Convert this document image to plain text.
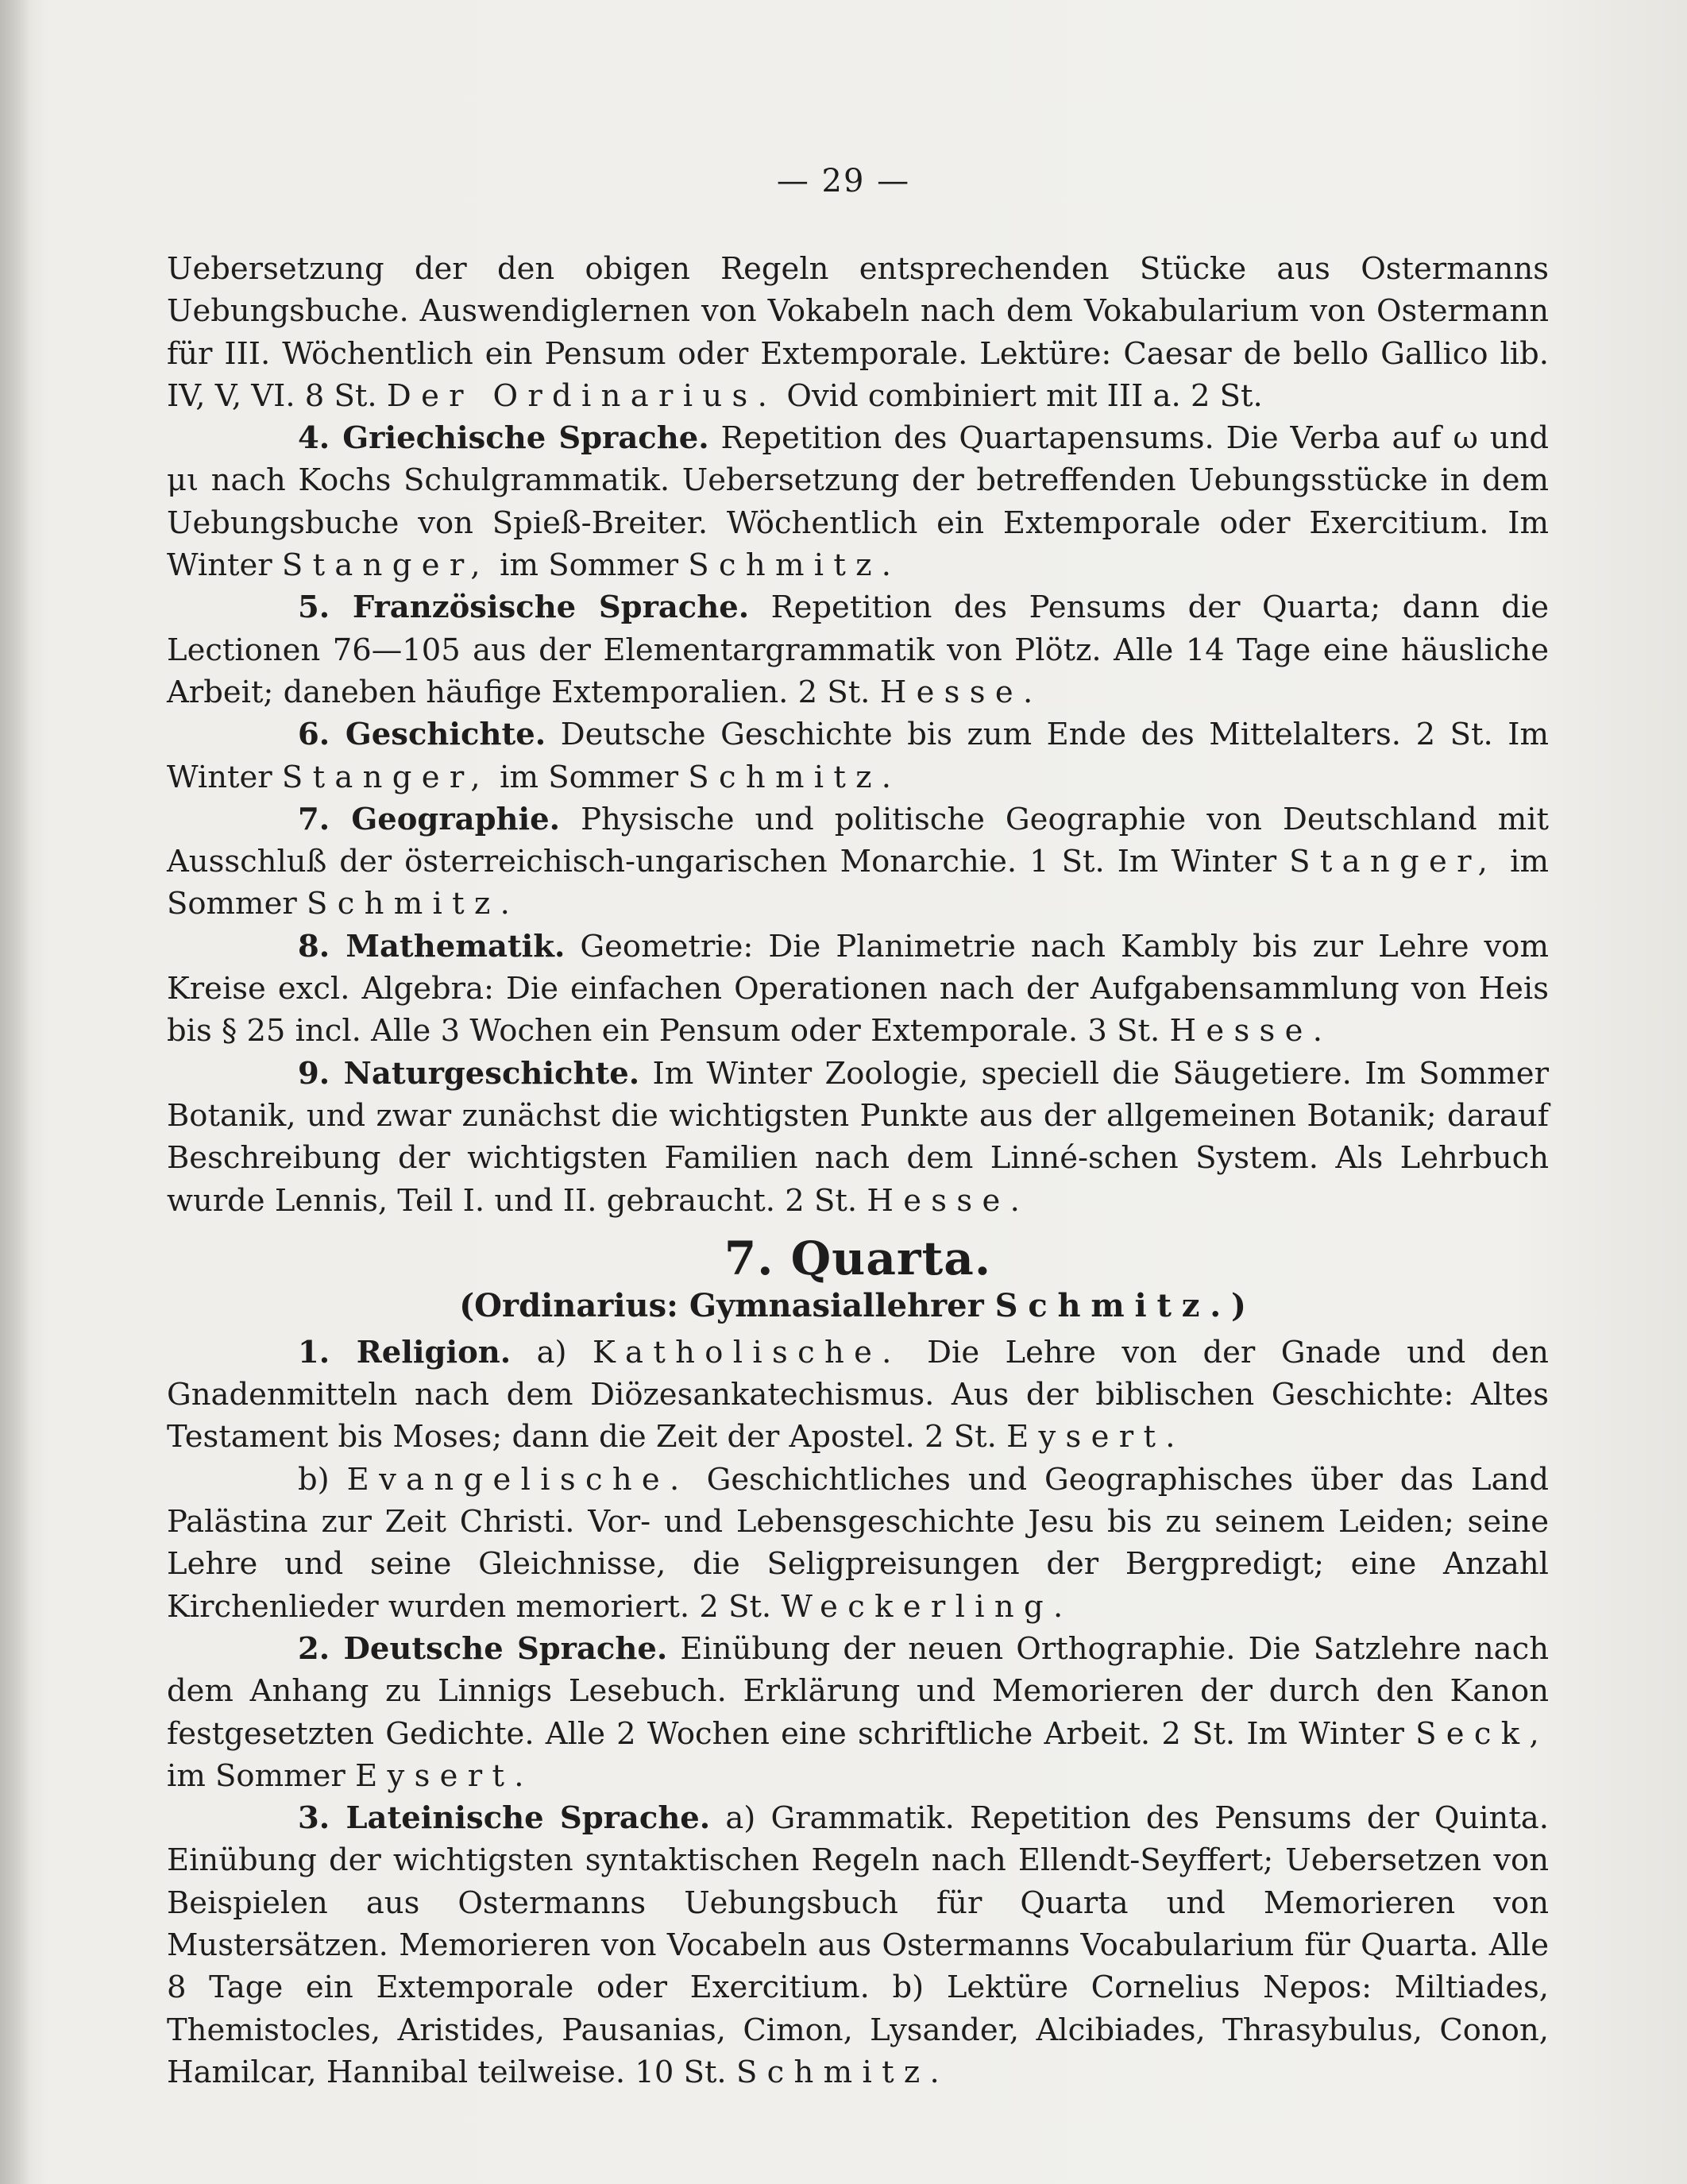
— 29 —

Uebersetzung der den obigen Regeln entsprechenden Stücke aus Ostermanns Uebungsbuche. Auswendiglernen von Vokabeln nach dem Vokabularium von Ostermann für III. Wöchentlich ein Pensum oder Extemporale. Lektüre: Caesar de bello Gallico lib. IV, V, VI. 8 St. Der Ordinarius. Ovid combiniert mit III a. 2 St.

4. Griechische Sprache. Repetition des Quartapensums. Die Verba auf ω und μι nach Kochs Schulgrammatik. Uebersetzung der betreffenden Uebungsstücke in dem Uebungsbuche von Spieß-Breiter. Wöchentlich ein Extemporale oder Exercitium. Im Winter Stanger, im Sommer Schmitz.

5. Französische Sprache. Repetition des Pensums der Quarta; dann die Lectionen 76—105 aus der Elementargrammatik von Plötz. Alle 14 Tage eine häusliche Arbeit; daneben häufige Extemporalien. 2 St. Hesse.

6. Geschichte. Deutsche Geschichte bis zum Ende des Mittelalters. 2 St. Im Winter Stanger, im Sommer Schmitz.

7. Geographie. Physische und politische Geographie von Deutschland mit Ausschluß der österreichisch-ungarischen Monarchie. 1 St. Im Winter Stanger, im Sommer Schmitz.

8. Mathematik. Geometrie: Die Planimetrie nach Kambly bis zur Lehre vom Kreise excl. Algebra: Die einfachen Operationen nach der Aufgabensammlung von Heis bis § 25 incl. Alle 3 Wochen ein Pensum oder Extemporale. 3 St. Hesse.

9. Naturgeschichte. Im Winter Zoologie, speciell die Säugetiere. Im Sommer Botanik, und zwar zunächst die wichtigsten Punkte aus der allgemeinen Botanik; darauf Beschreibung der wichtigsten Familien nach dem Linné-schen System. Als Lehrbuch wurde Lennis, Teil I. und II. gebraucht. 2 St. Hesse.

7. Quarta.
(Ordinarius: Gymnasiallehrer Schmitz.)

1. Religion. a) Katholische. Die Lehre von der Gnade und den Gnadenmitteln nach dem Diözesankatechismus. Aus der biblischen Geschichte: Altes Testament bis Moses; dann die Zeit der Apostel. 2 St. Eysert.

b) Evangelische. Geschichtliches und Geographisches über das Land Palästina zur Zeit Christi. Vor- und Lebensgeschichte Jesu bis zu seinem Leiden; seine Lehre und seine Gleichnisse, die Seligpreisungen der Bergpredigt; eine Anzahl Kirchenlieder wurden memoriert. 2 St. Weckerling.

2. Deutsche Sprache. Einübung der neuen Orthographie. Die Satzlehre nach dem Anhang zu Linnigs Lesebuch. Erklärung und Memorieren der durch den Kanon festgesetzten Gedichte. Alle 2 Wochen eine schriftliche Arbeit. 2 St. Im Winter Seck, im Sommer Eysert.

3. Lateinische Sprache. a) Grammatik. Repetition des Pensums der Quinta. Einübung der wichtigsten syntaktischen Regeln nach Ellendt-Seyffert; Uebersetzen von Beispielen aus Ostermanns Uebungsbuch für Quarta und Memorieren von Mustersätzen. Memorieren von Vocabeln aus Ostermanns Vocabularium für Quarta. Alle 8 Tage ein Extemporale oder Exercitium. b) Lektüre Cornelius Nepos: Miltiades, Themistocles, Aristides, Pausanias, Cimon, Lysander, Alcibiades, Thrasybulus, Conon, Hamilcar, Hannibal teilweise. 10 St. Schmitz.
